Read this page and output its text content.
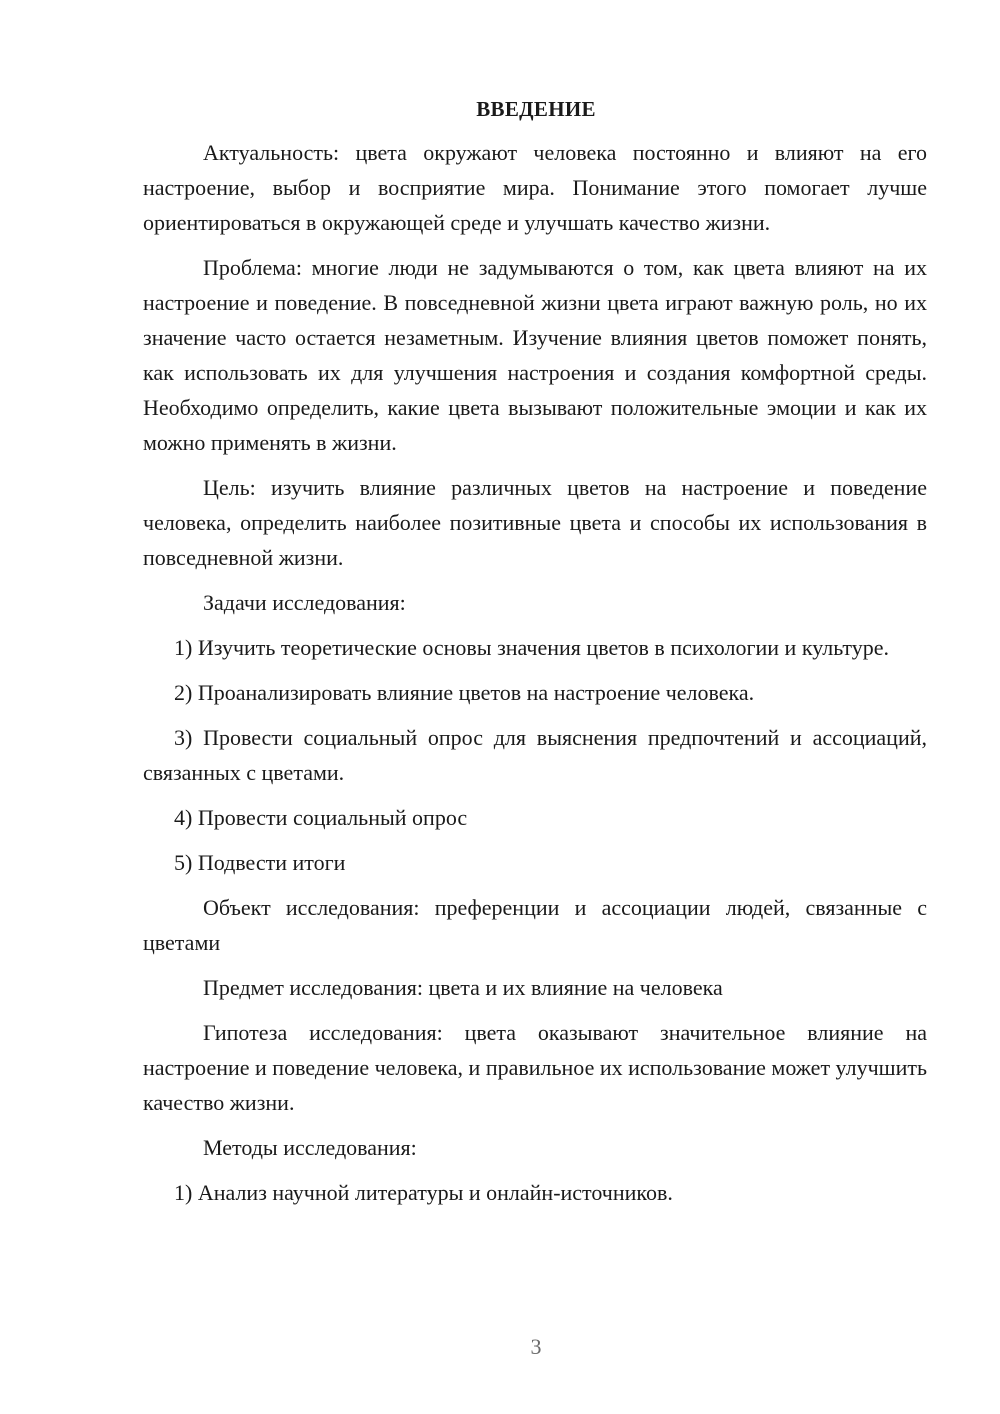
ВВЕДЕНИЕ

Актуальность: цвета окружают человека постоянно и влияют на его настроение, выбор и восприятие мира. Понимание этого помогает лучше ориентироваться в окружающей среде и улучшать качество жизни.

Проблема: многие люди не задумываются о том, как цвета влияют на их настроение и поведение. В повседневной жизни цвета играют важную роль, но их значение часто остается незаметным. Изучение влияния цветов поможет понять, как использовать их для улучшения настроения и создания комфортной среды. Необходимо определить, какие цвета вызывают положительные эмоции и как их можно применять в жизни.

Цель: изучить влияние различных цветов на настроение и поведение человека, определить наиболее позитивные цвета и способы их использования в повседневной жизни.

Задачи исследования:

1) Изучить теоретические основы значения цветов в психологии и культуре.

2) Проанализировать влияние цветов на настроение человека.

3) Провести социальный опрос для выяснения предпочтений и ассоциаций, связанных с цветами.

4) Провести социальный опрос

5) Подвести итоги

Объект исследования: преференции и ассоциации людей, связанные с цветами

Предмет исследования: цвета и их влияние на человека

Гипотеза исследования: цвета оказывают значительное влияние на настроение и поведение человека, и правильное их использование может улучшить качество жизни.

Методы исследования:

1) Анализ научной литературы и онлайн-источников.

3
